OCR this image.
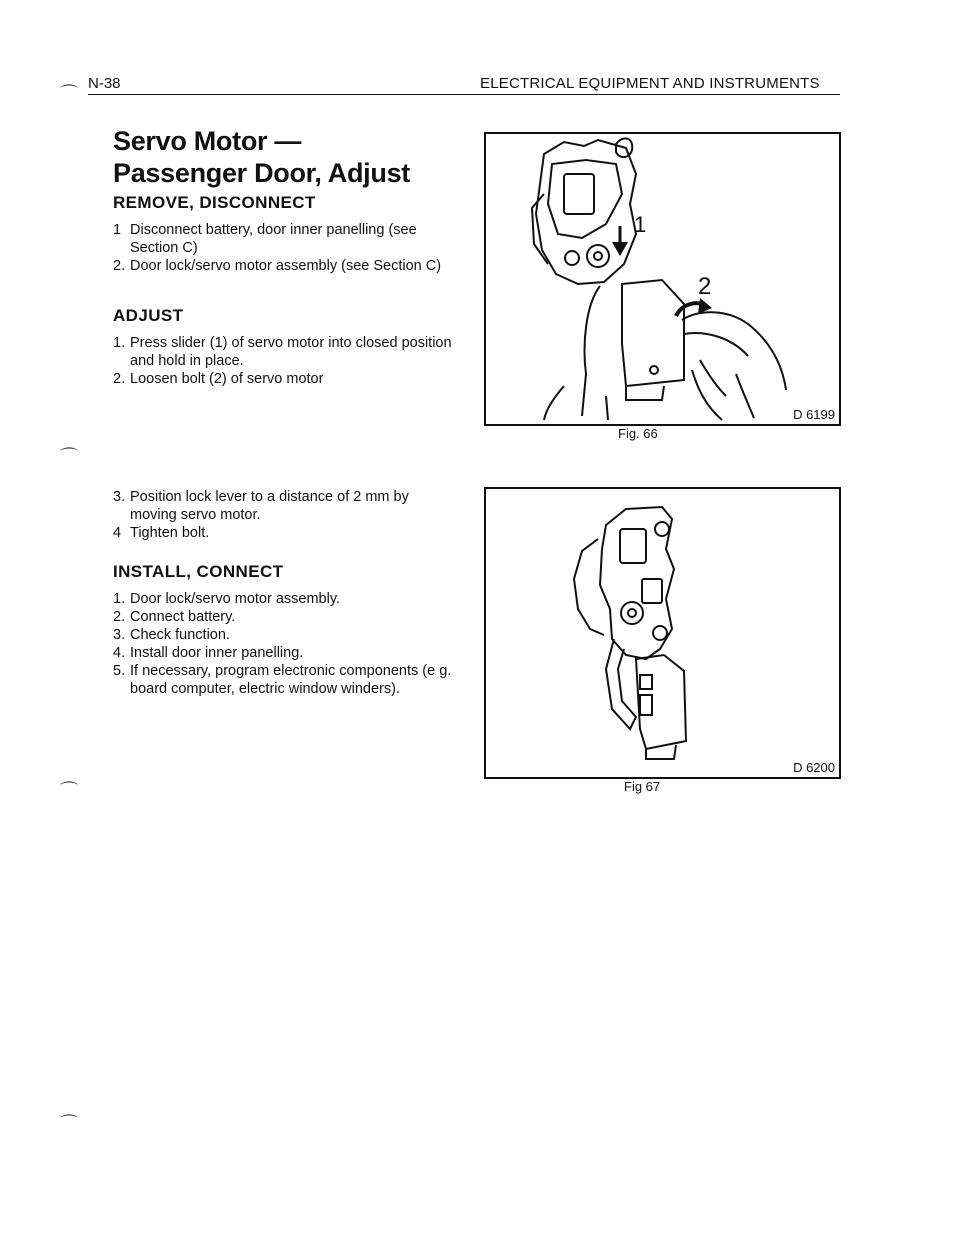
N-38	ELECTRICAL EQUIPMENT AND INSTRUMENTS
⌒
⌒
⌒
⌒
Servo Motor —
Passenger Door, Adjust
REMOVE, DISCONNECT
1 Disconnect battery, door inner panelling (see Section C)
2. Door lock/servo motor assembly (see Section C)
ADJUST
1. Press slider (1) of servo motor into closed position and hold in place.
2. Loosen bolt (2) of servo motor
3. Position lock lever to a distance of 2 mm by moving servo motor.
4 Tighten bolt.
INSTALL, CONNECT
1. Door lock/servo motor assembly.
2. Connect battery.
3. Check function.
4. Install door inner panelling.
5. If necessary, program electronic components (e g. board computer, electric window winders).
1
2
D 6199
Fig. 66
D 6200
Fig 67
